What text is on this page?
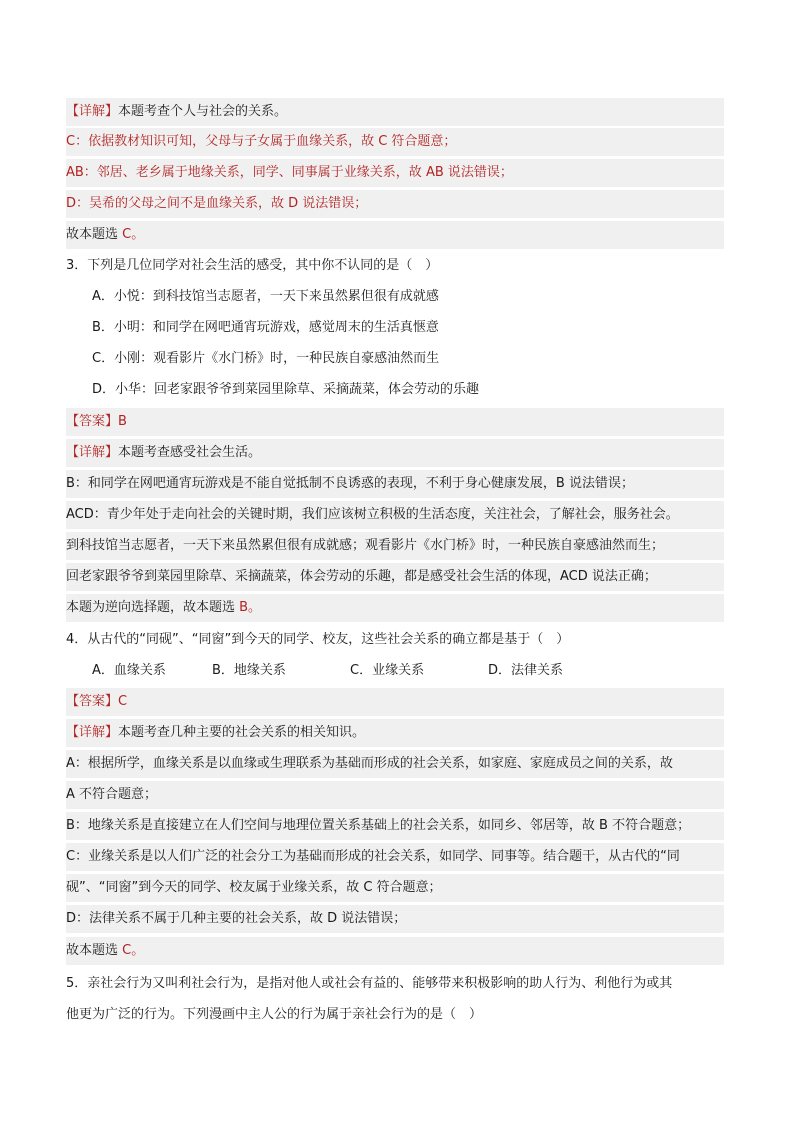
【详解】本题考查个人与社会的关系。
C：依据教材知识可知，父母与子女属于血缘关系，故 C 符合题意；
AB：邻居、老乡属于地缘关系，同学、同事属于业缘关系，故 AB 说法错误；
D：吴希的父母之间不是血缘关系，故 D 说法错误；
故本题选 C。
3．下列是几位同学对社会生活的感受，其中你不认同的是（　）
A．小悦：到科技馆当志愿者，一天下来虽然累但很有成就感
B．小明：和同学在网吧通宵玩游戏，感觉周末的生活真惬意
C．小刚：观看影片《水门桥》时，一种民族自豪感油然而生
D．小华：回老家跟爷爷到菜园里除草、采摘蔬菜，体会劳动的乐趣
【答案】B
【详解】本题考查感受社会生活。
B：和同学在网吧通宵玩游戏是不能自觉抵制不良诱惑的表现，不利于身心健康发展，B 说法错误；
ACD：青少年处于走向社会的关键时期，我们应该树立积极的生活态度，关注社会，了解社会，服务社会。
到科技馆当志愿者，一天下来虽然累但很有成就感；观看影片《水门桥》时，一种民族自豪感油然而生；
回老家跟爷爷到菜园里除草、采摘蔬菜，体会劳动的乐趣，都是感受社会生活的体现，ACD 说法正确；
本题为逆向选择题，故本题选 B。
4．从古代的“同砚”、“同窗”到今天的同学、校友，这些社会关系的确立都是基于（　）
A．血缘关系	B．地缘关系	C．业缘关系	D．法律关系
【答案】C
【详解】本题考查几种主要的社会关系的相关知识。
A：根据所学，血缘关系是以血缘或生理联系为基础而形成的社会关系，如家庭、家庭成员之间的关系，故
A 不符合题意；
B：地缘关系是直接建立在人们空间与地理位置关系基础上的社会关系，如同乡、邻居等，故 B 不符合题意；
C：业缘关系是以人们广泛的社会分工为基础而形成的社会关系，如同学、同事等。结合题干，从古代的“同
砚”、“同窗”到今天的同学、校友属于业缘关系，故 C 符合题意；
D：法律关系不属于几种主要的社会关系，故 D 说法错误；
故本题选 C。
5．亲社会行为又叫利社会行为，是指对他人或社会有益的、能够带来积极影响的助人行为、利他行为或其
他更为广泛的行为。下列漫画中主人公的行为属于亲社会行为的是（　）
